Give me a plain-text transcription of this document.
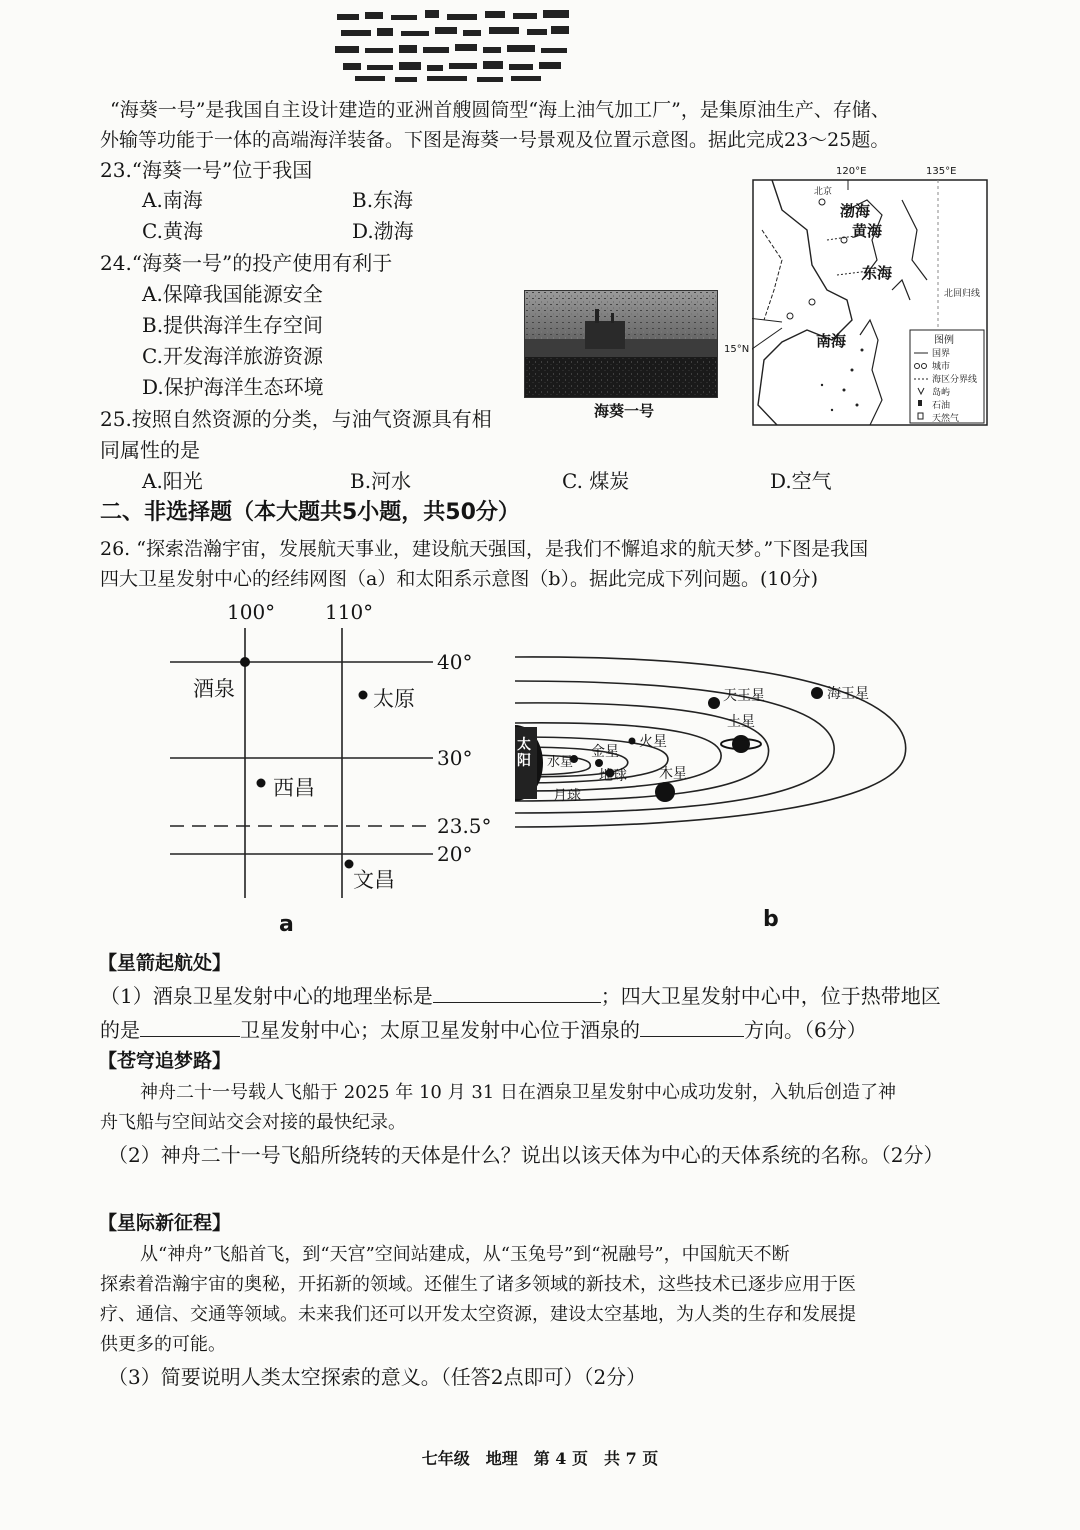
“海葵一号”是我国自主设计建造的亚洲首艘圆筒型“海上油气加工厂”，是集原油生产、存储、
外输等功能于一体的高端海洋装备。下图是海葵一号景观及位置示意图。据此完成23～25题。
23.“海葵一号”位于我国
A.南海	B.东海
C.黄海	D.渤海
24.“海葵一号”的投产使用有利于
A.保障我国能源安全
B.提供海洋生存空间
C.开发海洋旅游资源
D.保护海洋生态环境
25.按照自然资源的分类，与油气资源具有相
同属性的是
A.阳光	B.河水	C. 煤炭	D.空气
海葵一号
120°E	135°E
15°N
北京
北回归线
渤海
黄海
东海
南海	图例
国界
城市
海区分界线
岛屿
石油
天然气
二、非选择题（本大题共5小题，共50分）
26. “探索浩瀚宇宙，发展航天事业，建设航天强国，是我们不懈追求的航天梦。”下图是我国
四大卫星发射中心的经纬网图（a）和太阳系示意图（b）。据此完成下列问题。(10分)
100° 110°
40°
30°
23.5°
20°
酒泉	太原
西昌
文昌
a
太阳	水星
金星
地球
月球
火星
木星
土星
天王星	海王星
b
【星箭起航处】
（1）酒泉卫星发射中心的地理坐标是	；四大卫星发射中心中，位于热带地区
的是	卫星发射中心；太原卫星发射中心位于酒泉的	方向。（6分）
【苍穹追梦路】
神舟二十一号载人飞船于 2025 年 10 月 31 日在酒泉卫星发射中心成功发射，入轨后创造了神
舟飞船与空间站交会对接的最快纪录。
（2）神舟二十一号飞船所绕转的天体是什么？说出以该天体为中心的天体系统的名称。（2分）
【星际新征程】
从“神舟”飞船首飞，到“天宫”空间站建成，从“玉兔号”到“祝融号”，中国航天不断
探索着浩瀚宇宙的奥秘，开拓新的领域。还催生了诸多领域的新技术，这些技术已逐步应用于医
疗、通信、交通等领域。未来我们还可以开发太空资源，建设太空基地，为人类的生存和发展提
供更多的可能。
（3）简要说明人类太空探索的意义。（任答2点即可）（2分）
七年级　地理　第 4 页　共 7 页
